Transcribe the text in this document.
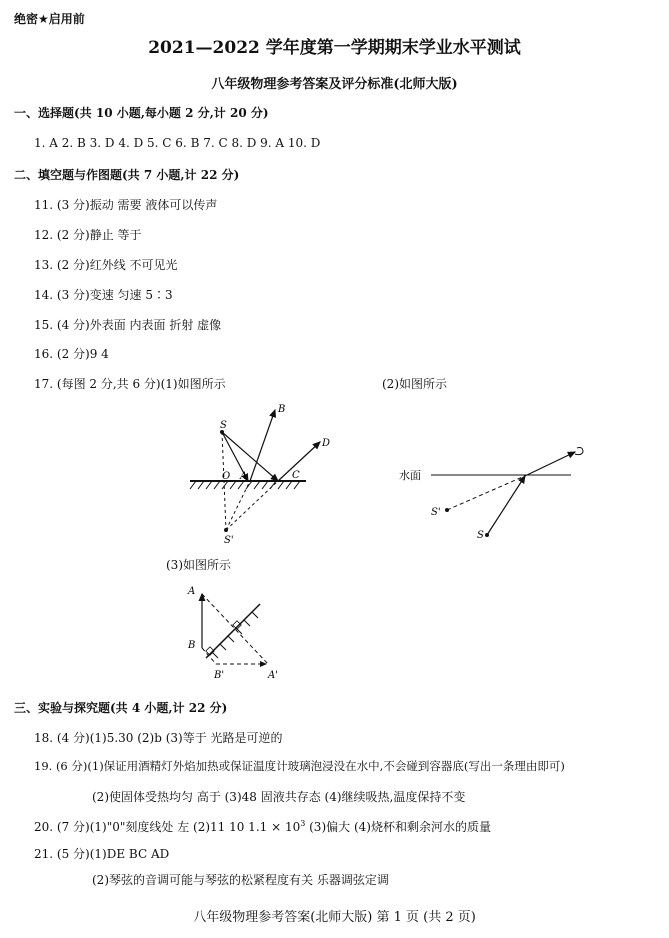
绝密★启用前
2021—2022 学年度第一学期期末学业水平测试
八年级物理参考答案及评分标准(北师大版)
一、选择题(共 10 小题,每小题 2 分,计 20 分)
1. A 2. B 3. D 4. D 5. C 6. B 7. C 8. D 9. A 10. D
二、填空题与作图题(共 7 小题,计 22 分)
11. (3 分)振动 需要 液体可以传声
12. (2 分)静止 等于
13. (2 分)红外线 不可见光
14. (3 分)变速 匀速 5∶3
15. (4 分)外表面 内表面 折射 虚像
16. (2 分)9 4
17. (每图 2 分,共 6 分)(1)如图所示	(2)如图所示
S
S'
O A
B
C
D
水面
S'
S
(3)如图所示
A
B
B'	A'
三、实验与探究题(共 4 小题,计 22 分)
18. (4 分)(1)5.30 (2)b (3)等于 光路是可逆的
19. (6 分)(1)保证用酒精灯外焰加热或保证温度计玻璃泡浸没在水中,不会碰到容器底(写出一条理由即可)
(2)使固体受热均匀 高于 (3)48 固液共存态 (4)继续吸热,温度保持不变
20. (7 分)(1)"0"刻度线处 左 (2)11 10 $1.1 \times 10^3$ (3)偏大 (4)烧杯和剩余河水的质量
21. (5 分)(1)DE BC AD
(2)琴弦的音调可能与琴弦的松紧程度有关 乐器调弦定调
八年级物理参考答案(北师大版) 第 1 页 (共 2 页)
